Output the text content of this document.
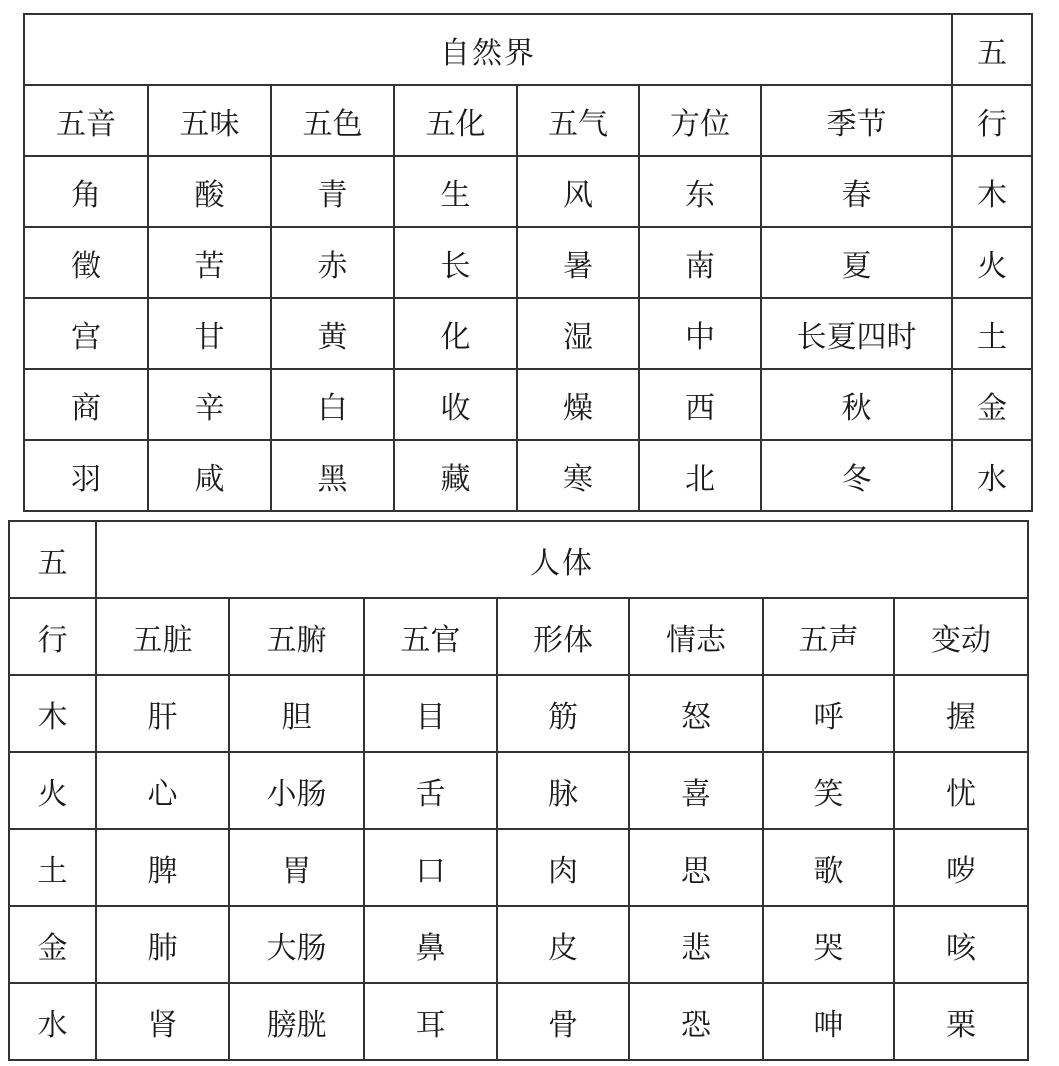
自然界							五
五音	五味	五色	五化	五气	方位	季节	行
角	酸	青	生	风	东	春	木
徵	苦	赤	长	暑	南	夏	火
宫	甘	黄	化	湿	中	长夏四时	土
商	辛	白	收	燥	西	秋	金
羽	咸	黑	藏	寒	北	冬	水
五	人体						
行	五脏	五腑	五官	形体	情志	五声	变动
木	肝	胆	目	筋	怒	呼	握
火	心	小肠	舌	脉	喜	笑	忧
土	脾	胃	口	肉	思	歌	哕
金	肺	大肠	鼻	皮	悲	哭	咳
水	肾	膀胱	耳	骨	恐	呻	栗
